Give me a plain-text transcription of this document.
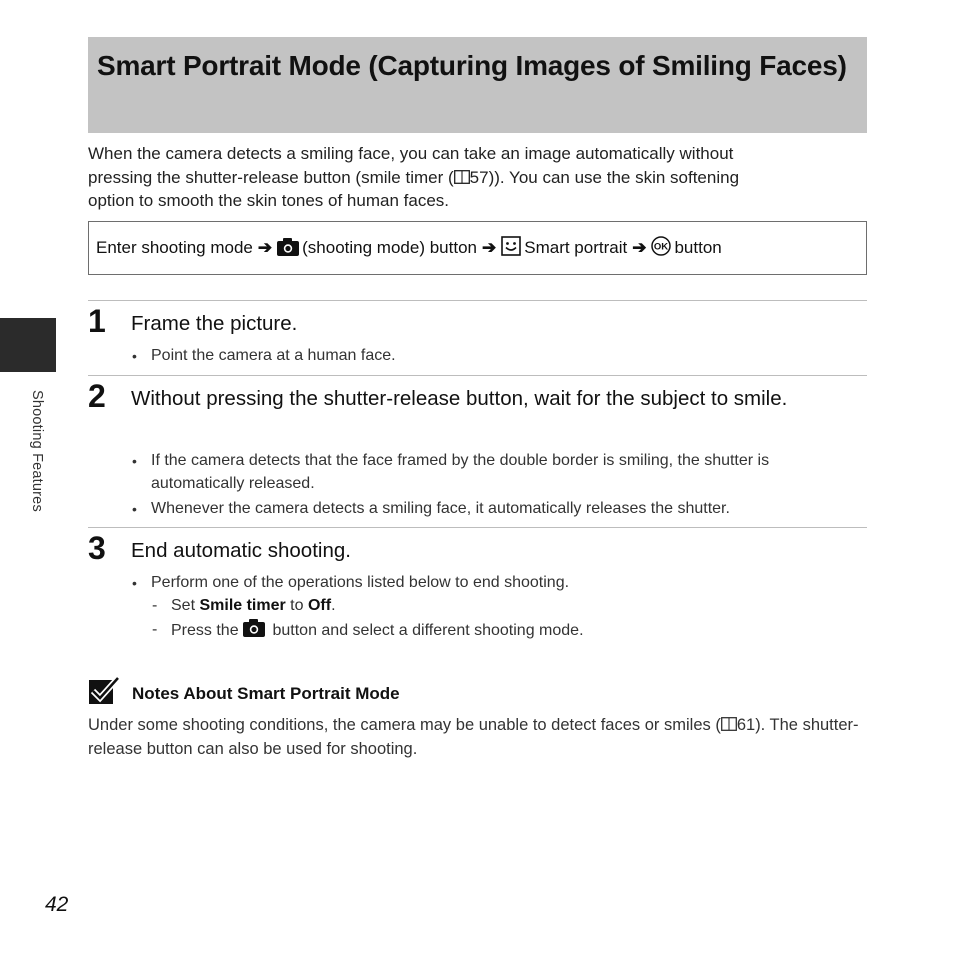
Smart Portrait Mode (Capturing Images of Smiling Faces)
When the camera detects a smiling face, you can take an image automatically without
pressing the shutter-release button (smile timer ( 57)). You can use the skin softening
option to smooth the skin tones of human faces.
Enter shooting mode ➔ (shooting mode) button ➔ Smart portrait ➔ OK button
1 Frame the picture.
• Point the camera at a human face.
2 Without pressing the shutter-release button, wait for the subject to smile.
• If the camera detects that the face framed by the double border is smiling, the shutter is automatically released.
• Whenever the camera detects a smiling face, it automatically releases the shutter.
3 End automatic shooting.
• Perform one of the operations listed below to end shooting.
- Set Smile timer to Off.
- Press the  button and select a different shooting mode.
Notes About Smart Portrait Mode
Under some shooting conditions, the camera may be unable to detect faces or smiles ( 61). The shutter-release button can also be used for shooting.
Shooting Features
42
